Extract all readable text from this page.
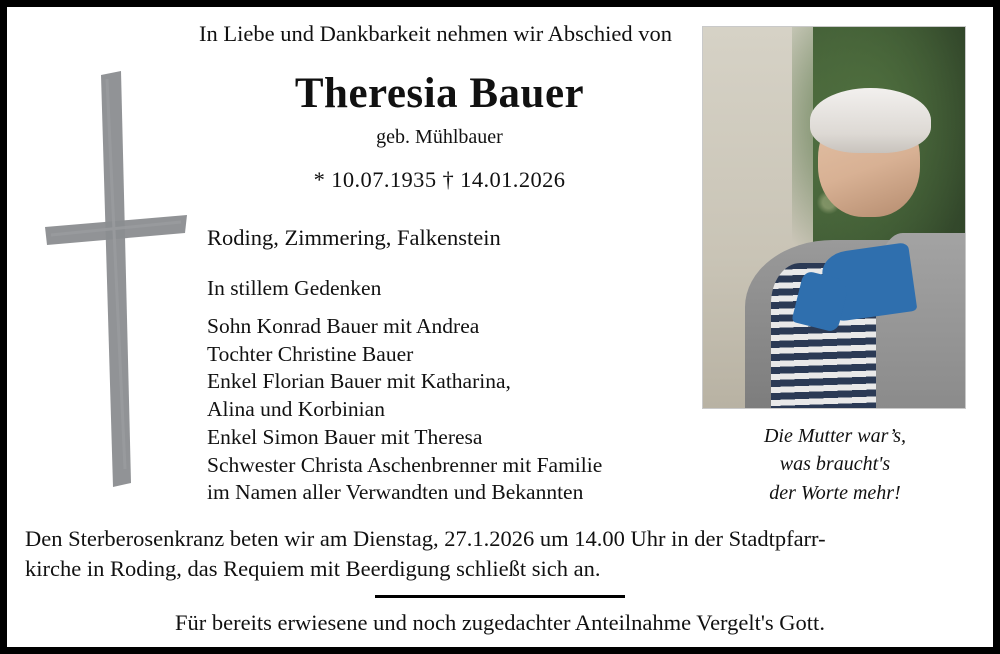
In Liebe und Dankbarkeit nehmen wir Abschied von
Theresia Bauer
geb. Mühlbauer
* 10.07.1935 † 14.01.2026
Roding, Zimmering, Falkenstein
In stillem Gedenken
Sohn Konrad Bauer mit Andrea
Tochter Christine Bauer
Enkel Florian Bauer mit Katharina,
Alina und Korbinian
Enkel Simon Bauer mit Theresa
Schwester Christa Aschenbrenner mit Familie
im Namen aller Verwandten und Bekannten
Die Mutter war’s,
was braucht's
der Worte mehr!
Den Sterberosenkranz beten wir am Dienstag, 27.1.2026 um 14.00 Uhr in der Stadtpfarr-
kirche in Roding, das Requiem mit Beerdigung schließt sich an.
Für bereits erwiesene und noch zugedachter Anteilnahme Vergelt's Gott.
